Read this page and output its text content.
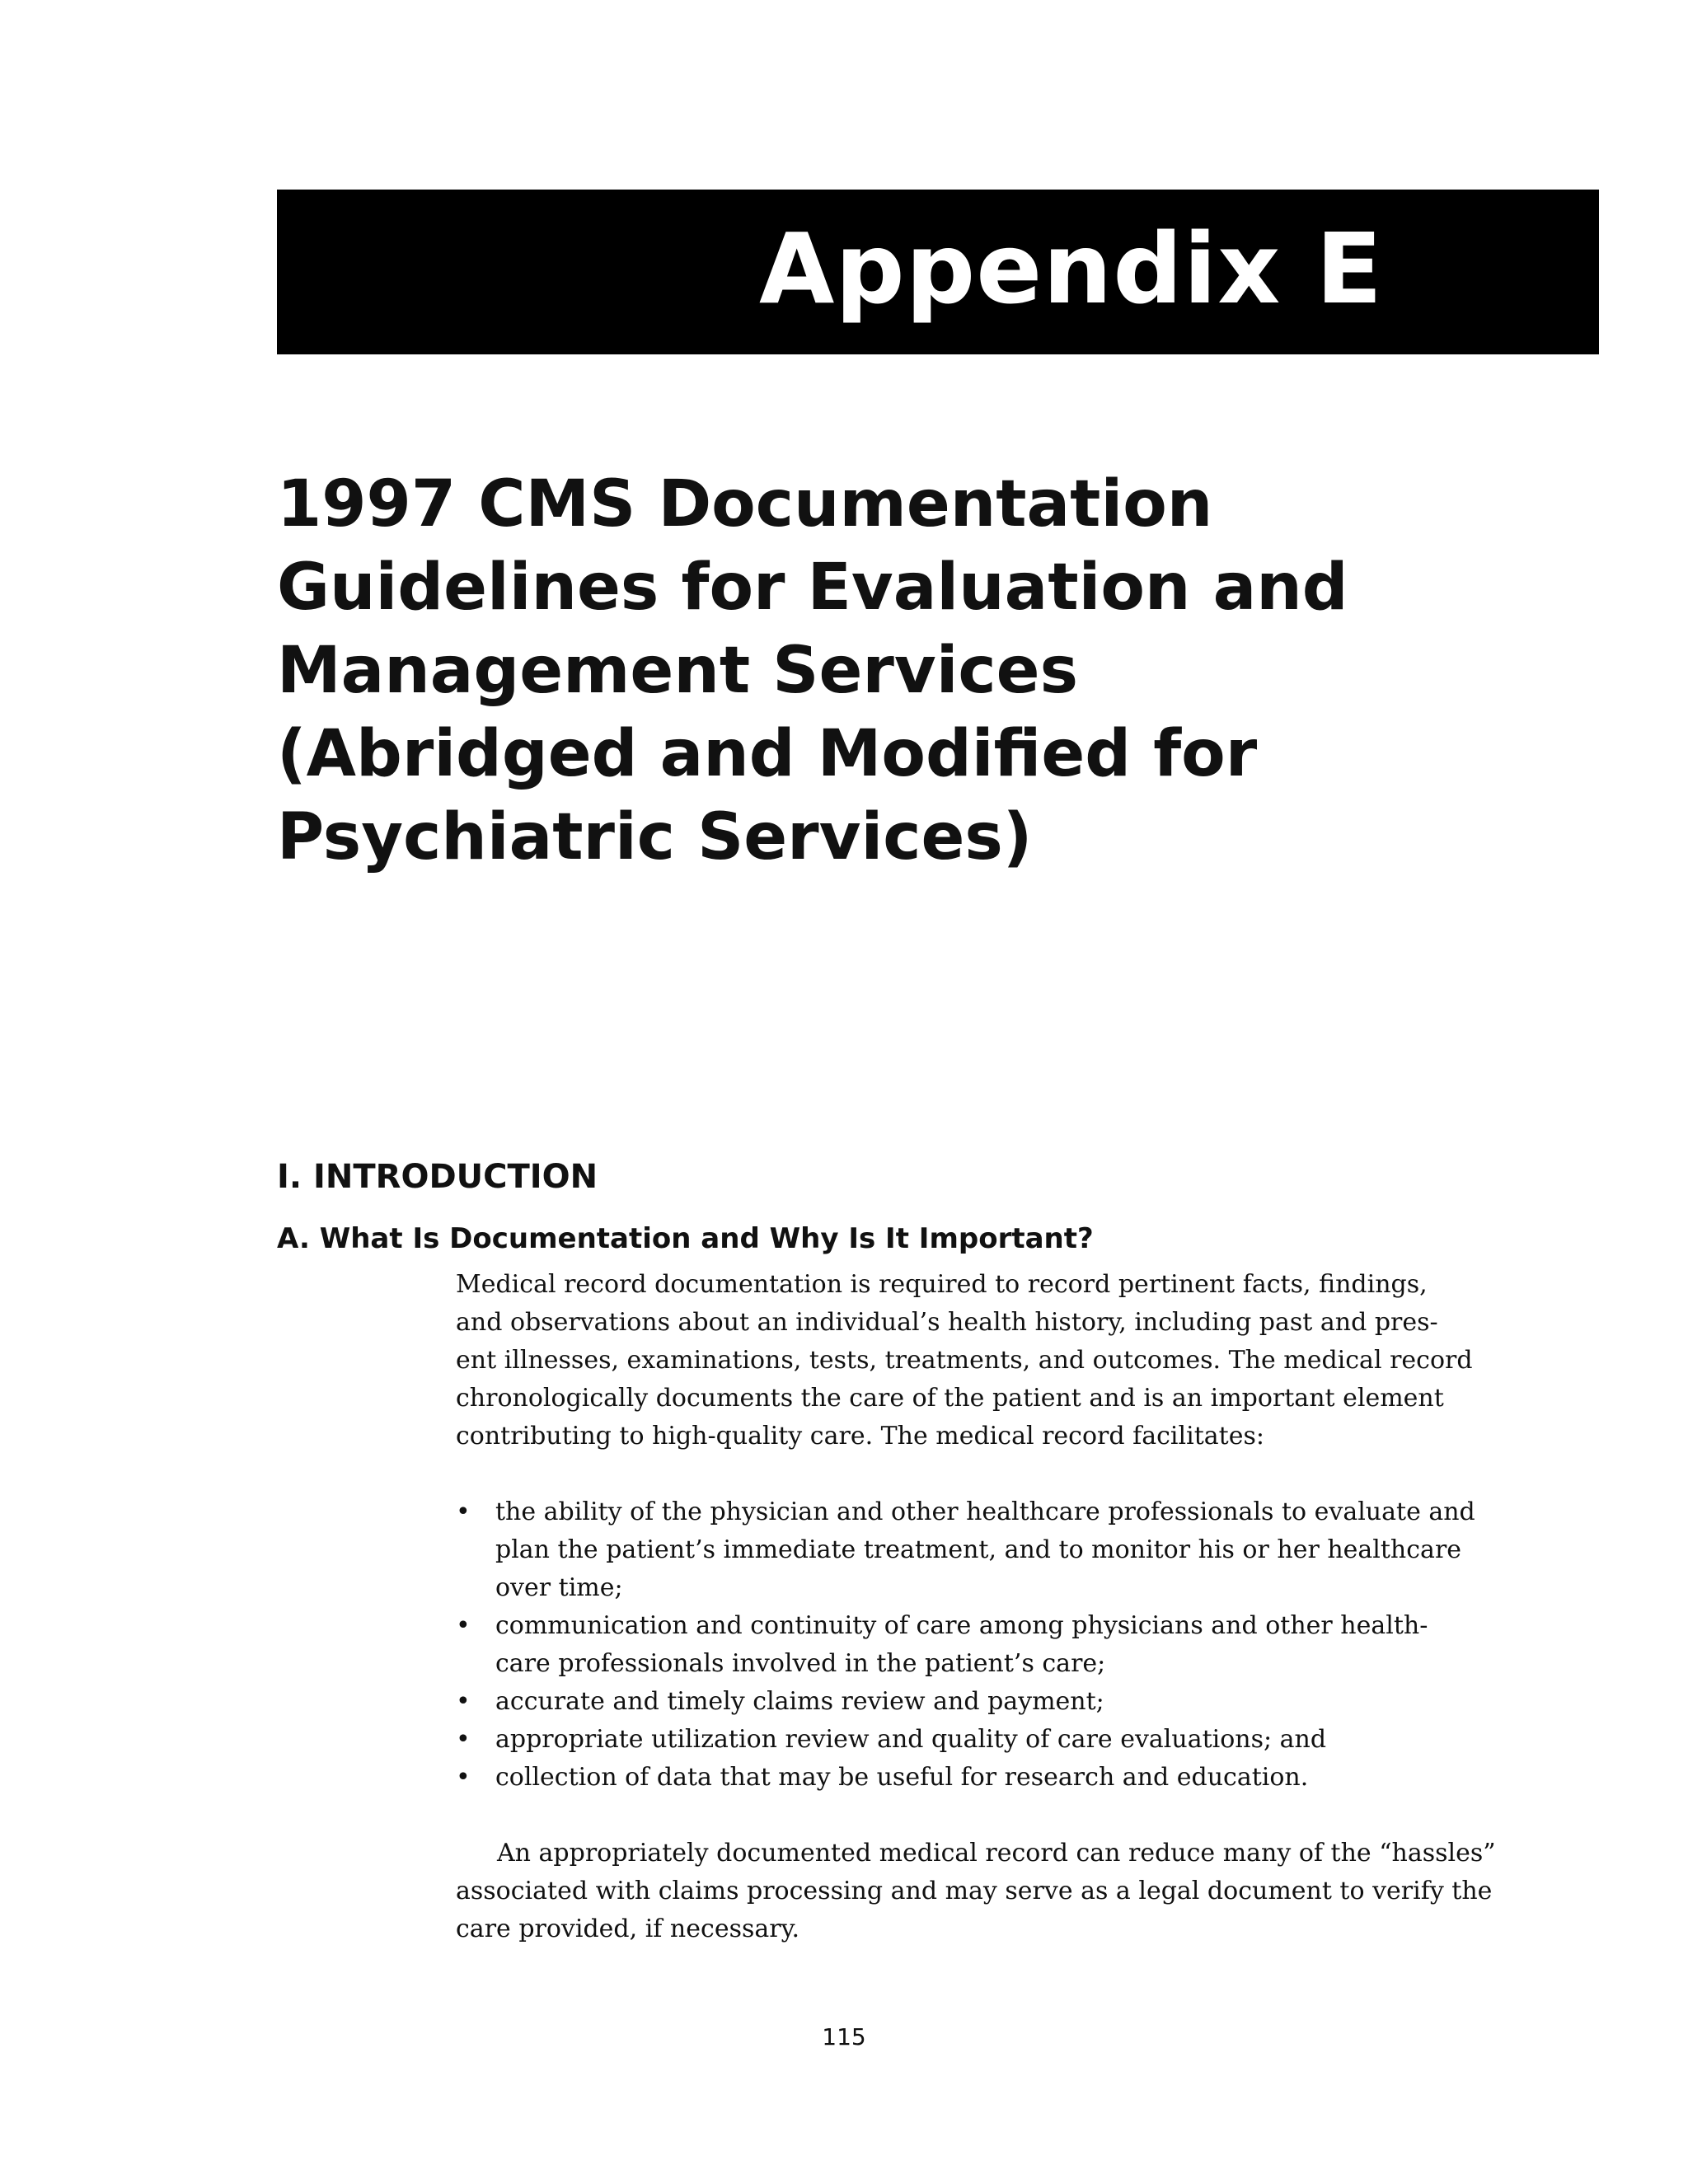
Appendix E
1997 CMS Documentation
Guidelines for Evaluation and
Management Services
(Abridged and Modified for
Psychiatric Services)
I. INTRODUCTION
A. What Is Documentation and Why Is It Important?

Medical record documentation is required to record pertinent facts, findings,
and observations about an individual’s health history, including past and pres-
ent illnesses, examinations, tests, treatments, and outcomes. The medical record
chronologically documents the care of the patient and is an important element
contributing to high-quality care. The medical record facilitates:

• the ability of the physician and other healthcare professionals to evaluate and
plan the patient’s immediate treatment, and to monitor his or her healthcare
over time;
• communication and continuity of care among physicians and other health-
care professionals involved in the patient’s care;
• accurate and timely claims review and payment;
• appropriate utilization review and quality of care evaluations; and
• collection of data that may be useful for research and education.

An appropriately documented medical record can reduce many of the “hassles”
associated with claims processing and may serve as a legal document to verify the
care provided, if necessary.

115
